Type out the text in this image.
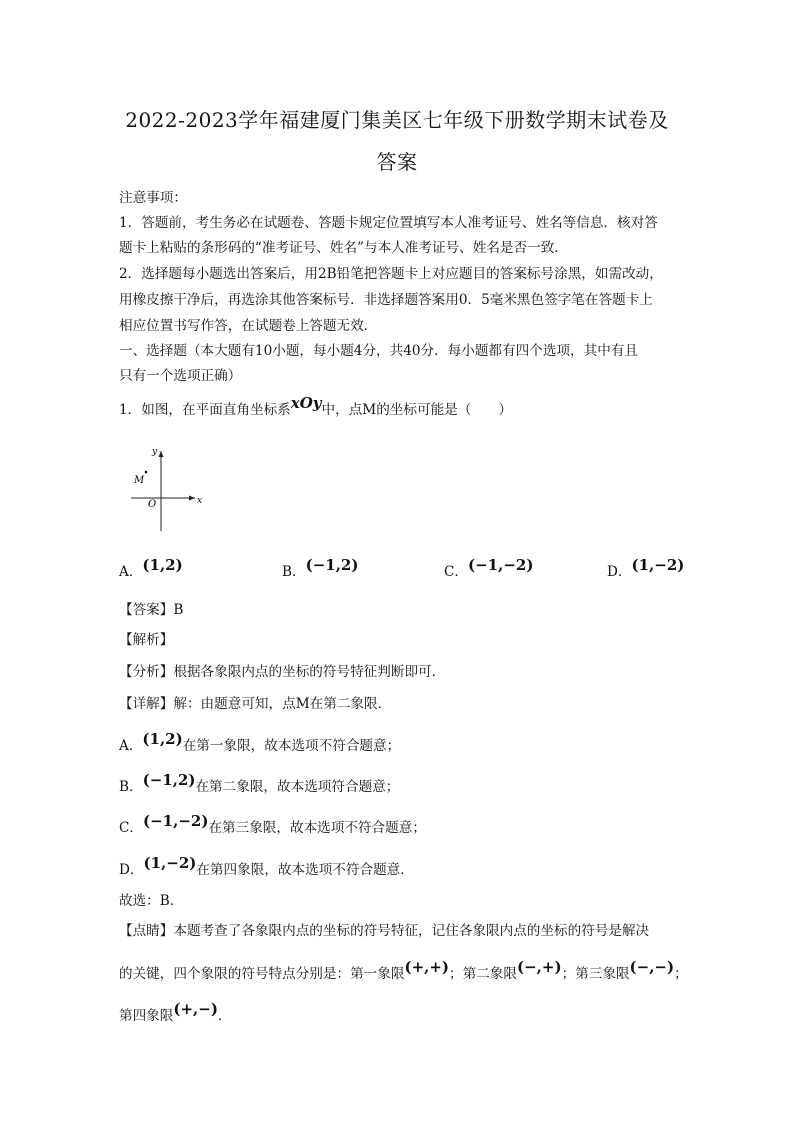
2022-2023学年福建厦门集美区七年级下册数学期末试卷及
答案
注意事项：
1．答题前，考生务必在试题卷、答题卡规定位置填写本人准考证号、姓名等信息．核对答
题卡上粘贴的条形码的“准考证号、姓名”与本人准考证号、姓名是否一致．
2．选择题每小题选出答案后，用2B铅笔把答题卡上对应题目的答案标号涂黑，如需改动，
用橡皮擦干净后，再选涂其他答案标号．非选择题答案用0．5毫米黑色签字笔在答题卡上
相应位置书写作答，在试题卷上答题无效．
一、选择题（本大题有10小题，每小题4分，共40分．每小题都有四个选项，其中有且
只有一个选项正确）
1．如图，在平面直角坐标系xOy中，点M的坐标可能是（　　）
y
x
O
M
A．(1,2)	B．(−1,2)	C．(−1,−2)	D．(1,−2)
【答案】B
【解析】
【分析】根据各象限内点的坐标的符号特征判断即可．
【详解】解：由题意可知，点M在第二象限．
A．(1,2)在第一象限，故本选项不符合题意；
B．(−1,2)在第二象限，故本选项符合题意；
C．(−1,−2)在第三象限，故本选项不符合题意；
D．(1,−2)在第四象限，故本选项不符合题意．
故选：B．
【点睛】本题考查了各象限内点的坐标的符号特征，记住各象限内点的坐标的符号是解决
的关键，四个象限的符号特点分别是：第一象限(+,+)；第二象限(−,+)；第三象限(−,−)；
第四象限(+,−)．
